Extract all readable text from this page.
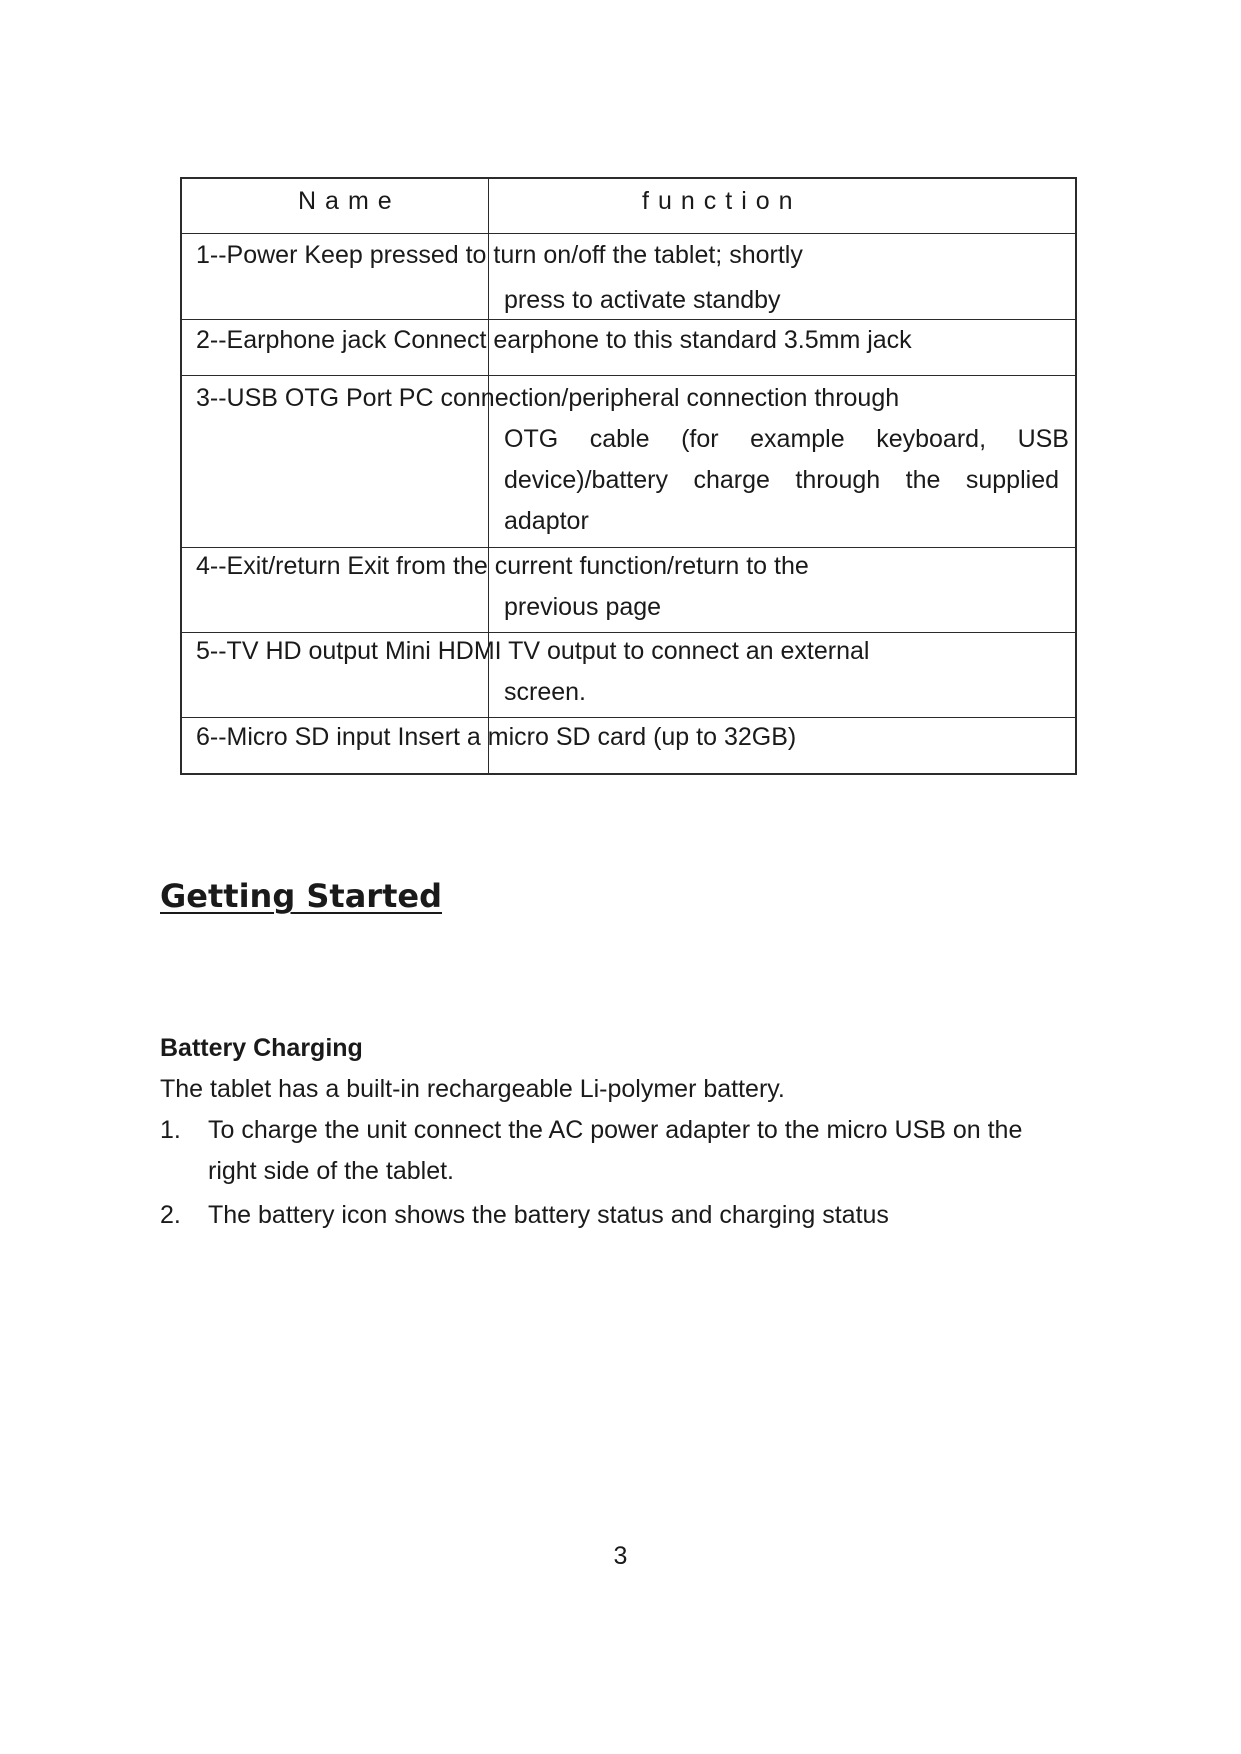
Name	function
1--Power Keep pressed to turn on/off the tablet; shortly
press to activate standby
2--Earphone jack Connect earphone to this standard 3.5mm jack
3--USB OTG Port PC connection/peripheral connection through
OTG cable (for example keyboard, USB
device)/battery charge through the supplied
adaptor
4--Exit/return Exit from the current function/return to the
previous page
5--TV HD output Mini HDMI TV output to connect an external
screen.
6--Micro SD input Insert a micro SD card (up to 32GB)
Getting Started
Battery Charging
The tablet has a built-in rechargeable Li-polymer battery.
1. To charge the unit connect the AC power adapter to the micro USB on the
right side of the tablet.
2. The battery icon shows the battery status and charging status
3
